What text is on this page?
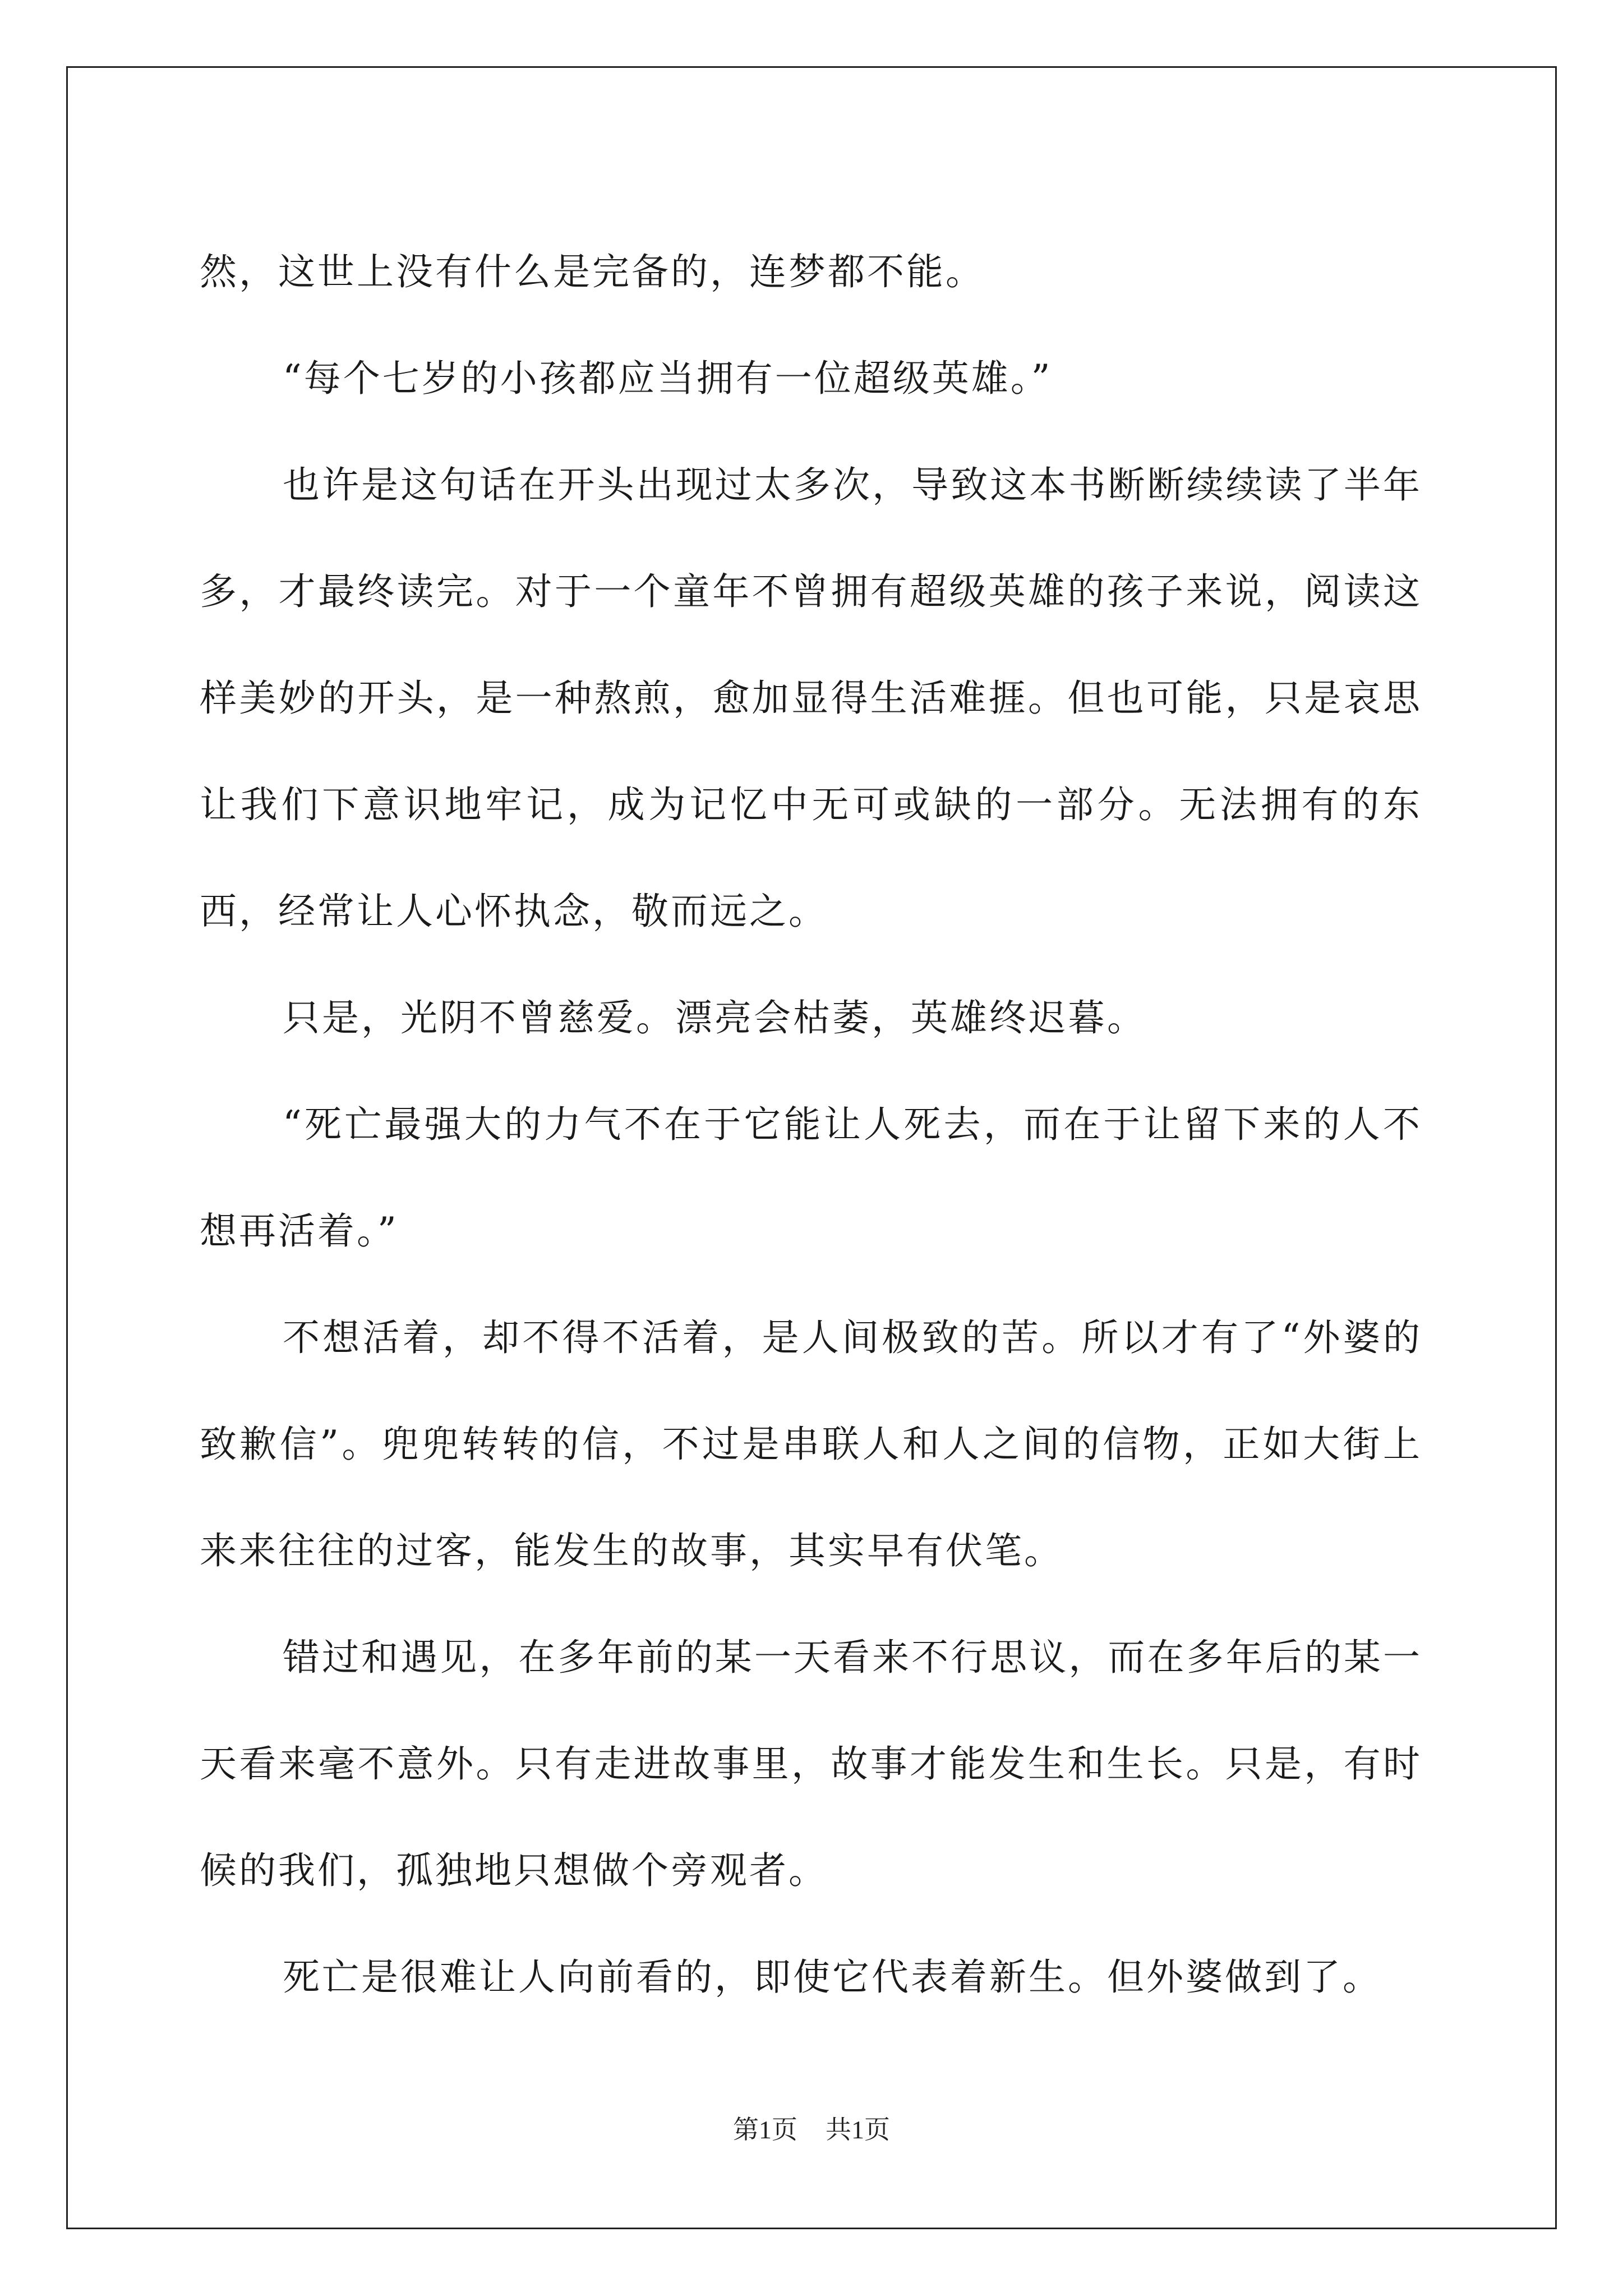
然，这世上没有什么是完备的，连梦都不能。

“每个七岁的小孩都应当拥有一位超级英雄。”

也许是这句话在开头出现过太多次，导致这本书断断续续读了半年多，才最终读完。对于一个童年不曾拥有超级英雄的孩子来说，阅读这样美妙的开头，是一种熬煎，愈加显得生活难捱。但也可能，只是哀思让我们下意识地牢记，成为记忆中无可或缺的一部分。无法拥有的东西，经常让人心怀执念，敬而远之。

只是，光阴不曾慈爱。漂亮会枯萎，英雄终迟暮。

“死亡最强大的力气不在于它能让人死去，而在于让留下来的人不想再活着。”

不想活着，却不得不活着，是人间极致的苦。所以才有了“外婆的致歉信”。兜兜转转的信，不过是串联人和人之间的信物，正如大街上来来往往的过客，能发生的故事，其实早有伏笔。

错过和遇见，在多年前的某一天看来不行思议，而在多年后的某一天看来毫不意外。只有走进故事里，故事才能发生和生长。只是，有时候的我们，孤独地只想做个旁观者。

死亡是很难让人向前看的，即使它代表着新生。但外婆做到了。

第1页 共1页
